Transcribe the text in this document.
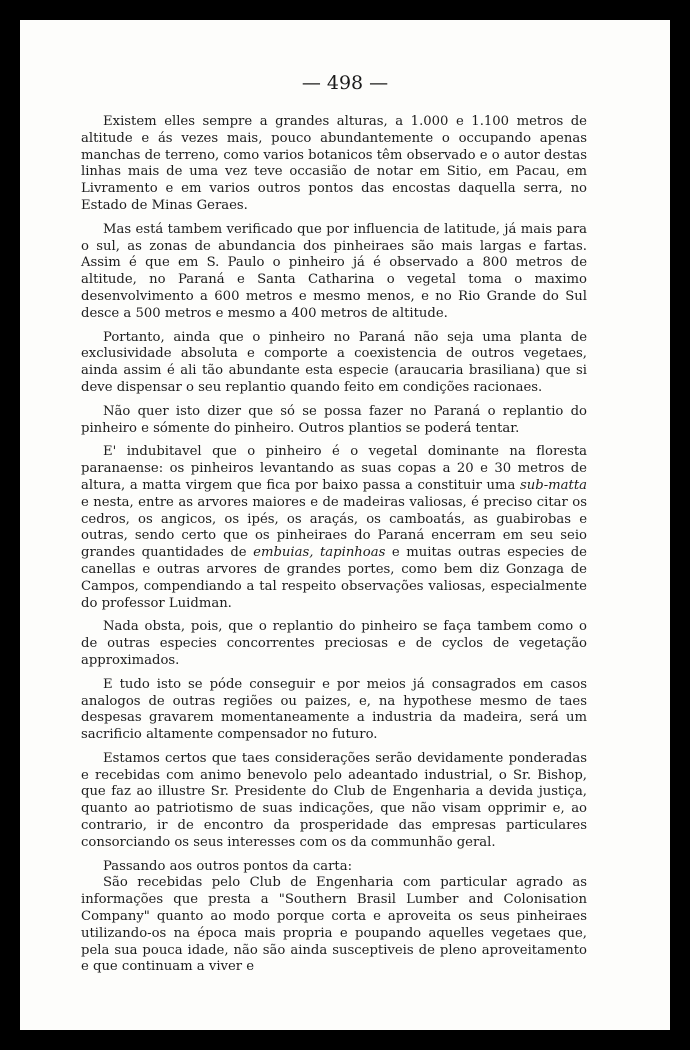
— 498 —

Existem elles sempre a grandes alturas, a 1.000 e 1.100 metros de altitude e ás vezes mais, pouco abundantemente o occupando apenas manchas de terreno, como varios botanicos têm observado e o autor destas linhas mais de uma vez teve occasião de notar em Sitio, em Pacau, em Livramento e em varios outros pontos das encostas daquella serra, no Estado de Minas Geraes.

Mas está tambem verificado que por influencia de latitude, já mais para o sul, as zonas de abundancia dos pinheiraes são mais largas e fartas. Assim é que em S. Paulo o pinheiro já é observado a 800 metros de altitude, no Paraná e Santa Catharina o vegetal toma o maximo desenvolvimento a 600 metros e mesmo menos, e no Rio Grande do Sul desce a 500 metros e mesmo a 400 metros de altitude.

Portanto, ainda que o pinheiro no Paraná não seja uma planta de exclusividade absoluta e comporte a coexistencia de outros vegetaes, ainda assim é ali tão abundante esta especie (araucaria brasiliana) que si deve dispensar o seu replantio quando feito em condições racionaes.

Não quer isto dizer que só se possa fazer no Paraná o replantio do pinheiro e sómente do pinheiro. Outros plantios se poderá tentar.

E' indubitavel que o pinheiro é o vegetal dominante na floresta paranaense: os pinheiros levantando as suas copas a 20 e 30 metros de altura, a matta virgem que fica por baixo passa a constituir uma sub-matta e nesta, entre as arvores maiores e de madeiras valiosas, é preciso citar os cedros, os angicos, os ipés, os araçás, os camboatás, as guabirobas e outras, sendo certo que os pinheiraes do Paraná encerram em seu seio grandes quantidades de embuias, tapinhoas e muitas outras especies de canellas e outras arvores de grandes portes, como bem diz Gonzaga de Campos, compendiando a tal respeito observações valiosas, especialmente do professor Luidman.

Nada obsta, pois, que o replantio do pinheiro se faça tambem como o de outras especies concorrentes preciosas e de cyclos de vegetação approximados.

E tudo isto se póde conseguir e por meios já consagrados em casos analogos de outras regiões ou paizes, e, na hypothese mesmo de taes despesas gravarem momentaneamente a industria da madeira, será um sacrificio altamente compensador no futuro.

Estamos certos que taes considerações serão devidamente ponderadas e recebidas com animo benevolo pelo adeantado industrial, o Sr. Bishop, que faz ao illustre Sr. Presidente do Club de Engenharia a devida justiça, quanto ao patriotismo de suas indicações, que não visam opprimir e, ao contrario, ir de encontro da prosperidade das empresas particulares consorciando os seus interesses com os da communhão geral.

Passando aos outros pontos da carta:

São recebidas pelo Club de Engenharia com particular agrado as informações que presta a "Southern Brasil Lumber and Colonisation Company" quanto ao modo porque corta e aproveita os seus pinheiraes utilizando-os na época mais propria e poupando aquelles vegetaes que, pela sua pouca idade, não são ainda susceptiveis de pleno aproveitamento e que continuam a viver e
